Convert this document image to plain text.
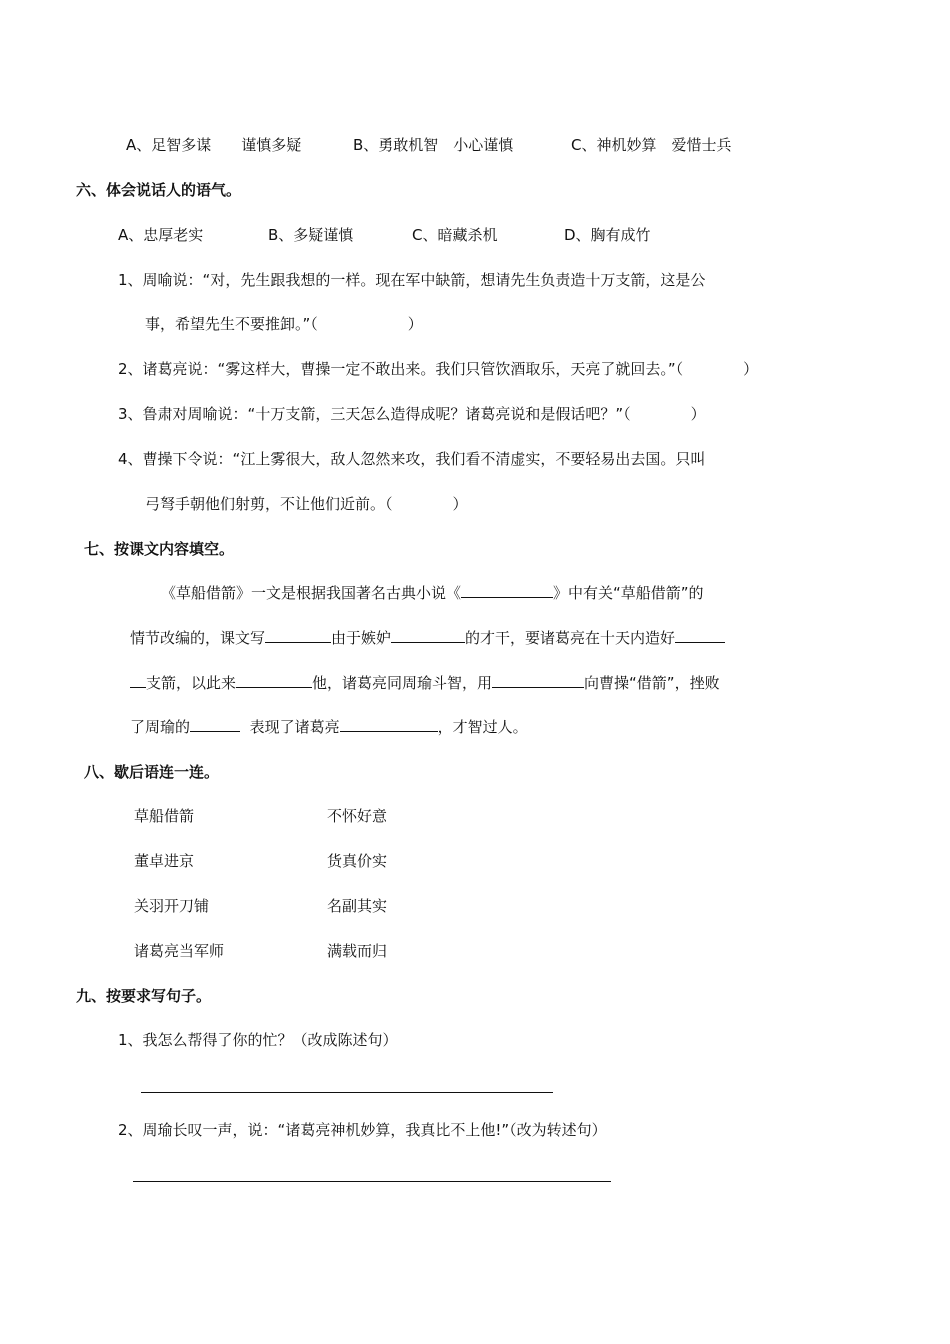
A、足智多谋　　谨慎多疑	B、勇敢机智　小心谨慎	C、神机妙算　爱惜士兵
六、体会说话人的语气。
A、忠厚老实	B、多疑谨慎	C、暗藏杀机	D、胸有成竹
1、周喻说：“对，先生跟我想的一样。现在军中缺箭，想请先生负责造十万支箭，这是公
事，希望先生不要推卸。”（　　　　　　）
2、诸葛亮说：“雾这样大，曹操一定不敢出来。我们只管饮酒取乐，天亮了就回去。”（　　　　）
3、鲁肃对周喻说：“十万支箭，三天怎么造得成呢？诸葛亮说和是假话吧？”（　　　　）
4、曹操下令说：“江上雾很大，敌人忽然来攻，我们看不清虚实，不要轻易出去国。只叫
弓弩手朝他们射剪，不让他们近前。（　　　　）
七、按课文内容填空。
《草船借箭》一文是根据我国著名古典小说《	》中有关“草船借箭”的
情节改编的，课文写	由于嫉妒	的才干，要诸葛亮在十天内造好
支箭，以此来	他，诸葛亮同周瑜斗智，用	向曹操“借箭”，挫败
了周瑜的	表现了诸葛亮	，才智过人。
八、歇后语连一连。
草船借箭
董卓进京
关羽开刀铺
诸葛亮当军师
不怀好意
货真价实
名副其实
满载而归
九、按要求写句子。
1、我怎么帮得了你的忙？（改成陈述句）
2、周瑜长叹一声，说：“诸葛亮神机妙算，我真比不上他!”（改为转述句）
